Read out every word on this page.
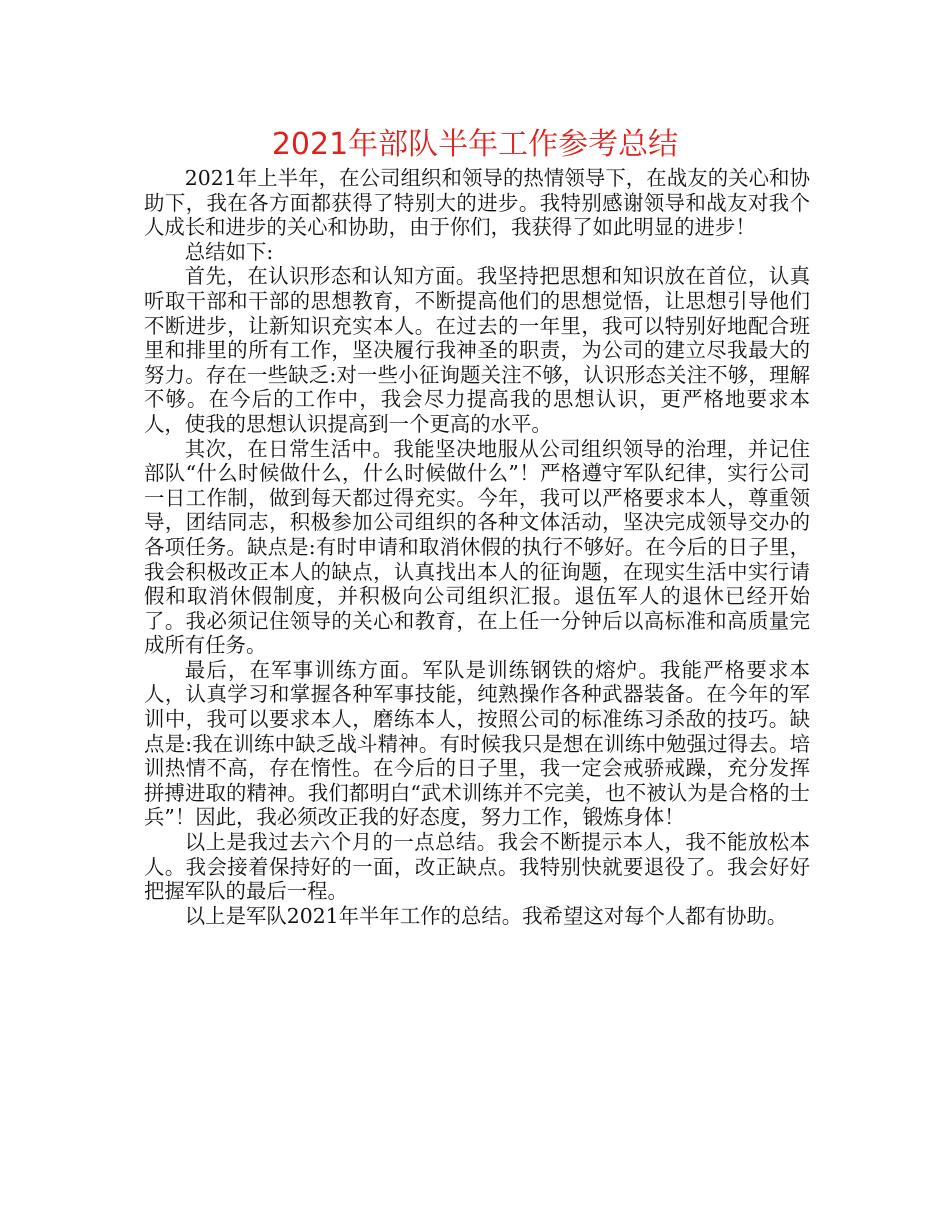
2021年部队半年工作参考总结

2021年上半年，在公司组织和领导的热情领导下，在战友的关心和协助下，我在各方面都获得了特别大的进步。我特别感谢领导和战友对我个人成长和进步的关心和协助，由于你们，我获得了如此明显的进步！

总结如下:

首先，在认识形态和认知方面。我坚持把思想和知识放在首位，认真听取干部和干部的思想教育，不断提高他们的思想觉悟，让思想引导他们不断进步，让新知识充实本人。在过去的一年里，我可以特别好地配合班里和排里的所有工作，坚决履行我神圣的职责，为公司的建立尽我最大的努力。存在一些缺乏:对一些小征询题关注不够，认识形态关注不够，理解不够。在今后的工作中，我会尽力提高我的思想认识，更严格地要求本人，使我的思想认识提高到一个更高的水平。

其次，在日常生活中。我能坚决地服从公司组织领导的治理，并记住部队“什么时候做什么，什么时候做什么”！严格遵守军队纪律，实行公司一日工作制，做到每天都过得充实。今年，我可以严格要求本人，尊重领导，团结同志，积极参加公司组织的各种文体活动，坚决完成领导交办的各项任务。缺点是:有时申请和取消休假的执行不够好。在今后的日子里，我会积极改正本人的缺点，认真找出本人的征询题，在现实生活中实行请假和取消休假制度，并积极向公司组织汇报。退伍军人的退休已经开始了。我必须记住领导的关心和教育，在上任一分钟后以高标准和高质量完成所有任务。

最后，在军事训练方面。军队是训练钢铁的熔炉。我能严格要求本人，认真学习和掌握各种军事技能，纯熟操作各种武器装备。在今年的军训中，我可以要求本人，磨练本人，按照公司的标准练习杀敌的技巧。缺点是:我在训练中缺乏战斗精神。有时候我只是想在训练中勉强过得去。培训热情不高，存在惰性。在今后的日子里，我一定会戒骄戒躁，充分发挥拼搏进取的精神。我们都明白“武术训练并不完美，也不被认为是合格的士兵”！因此，我必须改正我的好态度，努力工作，锻炼身体！

以上是我过去六个月的一点总结。我会不断提示本人，我不能放松本人。我会接着保持好的一面，改正缺点。我特别快就要退役了。我会好好把握军队的最后一程。

以上是军队2021年半年工作的总结。我希望这对每个人都有协助。
